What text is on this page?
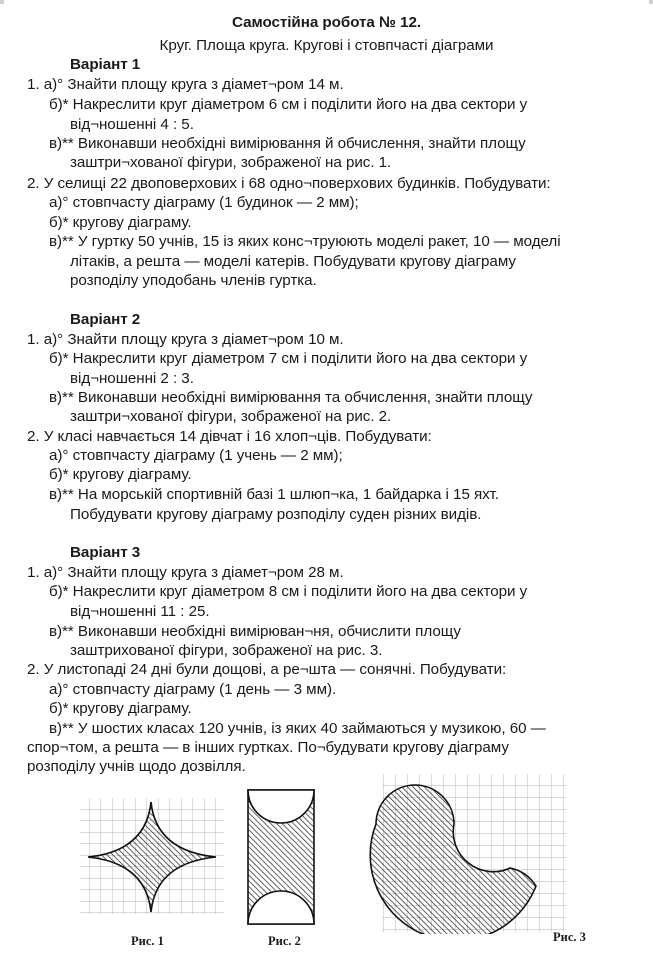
Самостійна робота № 12.
Круг. Площа круга. Кругові і стовпчасті діаграми
Варіант 1
1. а)° Знайти площу круга з діамет¬ром 14 м.
б)* Накреслити круг діаметром 6 см і поділити його на два сектори у
від¬ношенні 4 : 5.
в)** Виконавши необхідні вимірювання й обчислення, знайти площу
заштри¬хованої фігури, зображеної на рис. 1.
2. У селищі 22 двоповерхових і 68 одно¬поверхових будинків. Побудувати:
а)° стовпчасту діаграму (1 будинок — 2 мм);
б)* кругову діаграму.
в)** У гуртку 50 учнів, 15 із яких конс¬труюють моделі ракет, 10 — моделі
літаків, а решта — моделі катерів. Побудувати кругову діаграму
розподілу уподобань членів гуртка.
Варіант 2
1. а)° Знайти площу круга з діамет¬ром 10 м.
б)* Накреслити круг діаметром 7 см і поділити його на два сектори у
від¬ношенні 2 : 3.
в)** Виконавши необхідні вимірювання та обчислення, знайти площу
заштри¬хованої фігури, зображеної на рис. 2.
2. У класі навчається 14 дівчат і 16 хлоп¬ців. Побудувати:
а)° стовпчасту діаграму (1 учень — 2 мм);
б)* кругову діаграму.
в)** На морській спортивній базі 1 шлюп¬ка, 1 байдарка і 15 яхт.
Побудувати кругову діаграму розподілу суден різних видів.
Варіант 3
1. а)° Знайти площу круга з діамет¬ром 28 м.
б)* Накреслити круг діаметром 8 см і поділити його на два сектори у
від¬ношенні 11 : 25.
в)** Виконавши необхідні вимірюван¬ня, обчислити площу
заштрихованої фігури, зображеної на рис. 3.
2. У листопаді 24 дні були дощові, а ре¬шта — сонячні. Побудувати:
а)° стовпчасту діаграму (1 день — 3 мм).
б)* кругову діаграму.
в)** У шостих класах 120 учнів, із яких 40 займаються у музикою, 60 —
спор¬том, а решта — в інших гуртках. По¬будувати кругову діаграму
розподілу учнів щодо дозвілля.
Рис. 1	Рис. 2	Рис. 3
